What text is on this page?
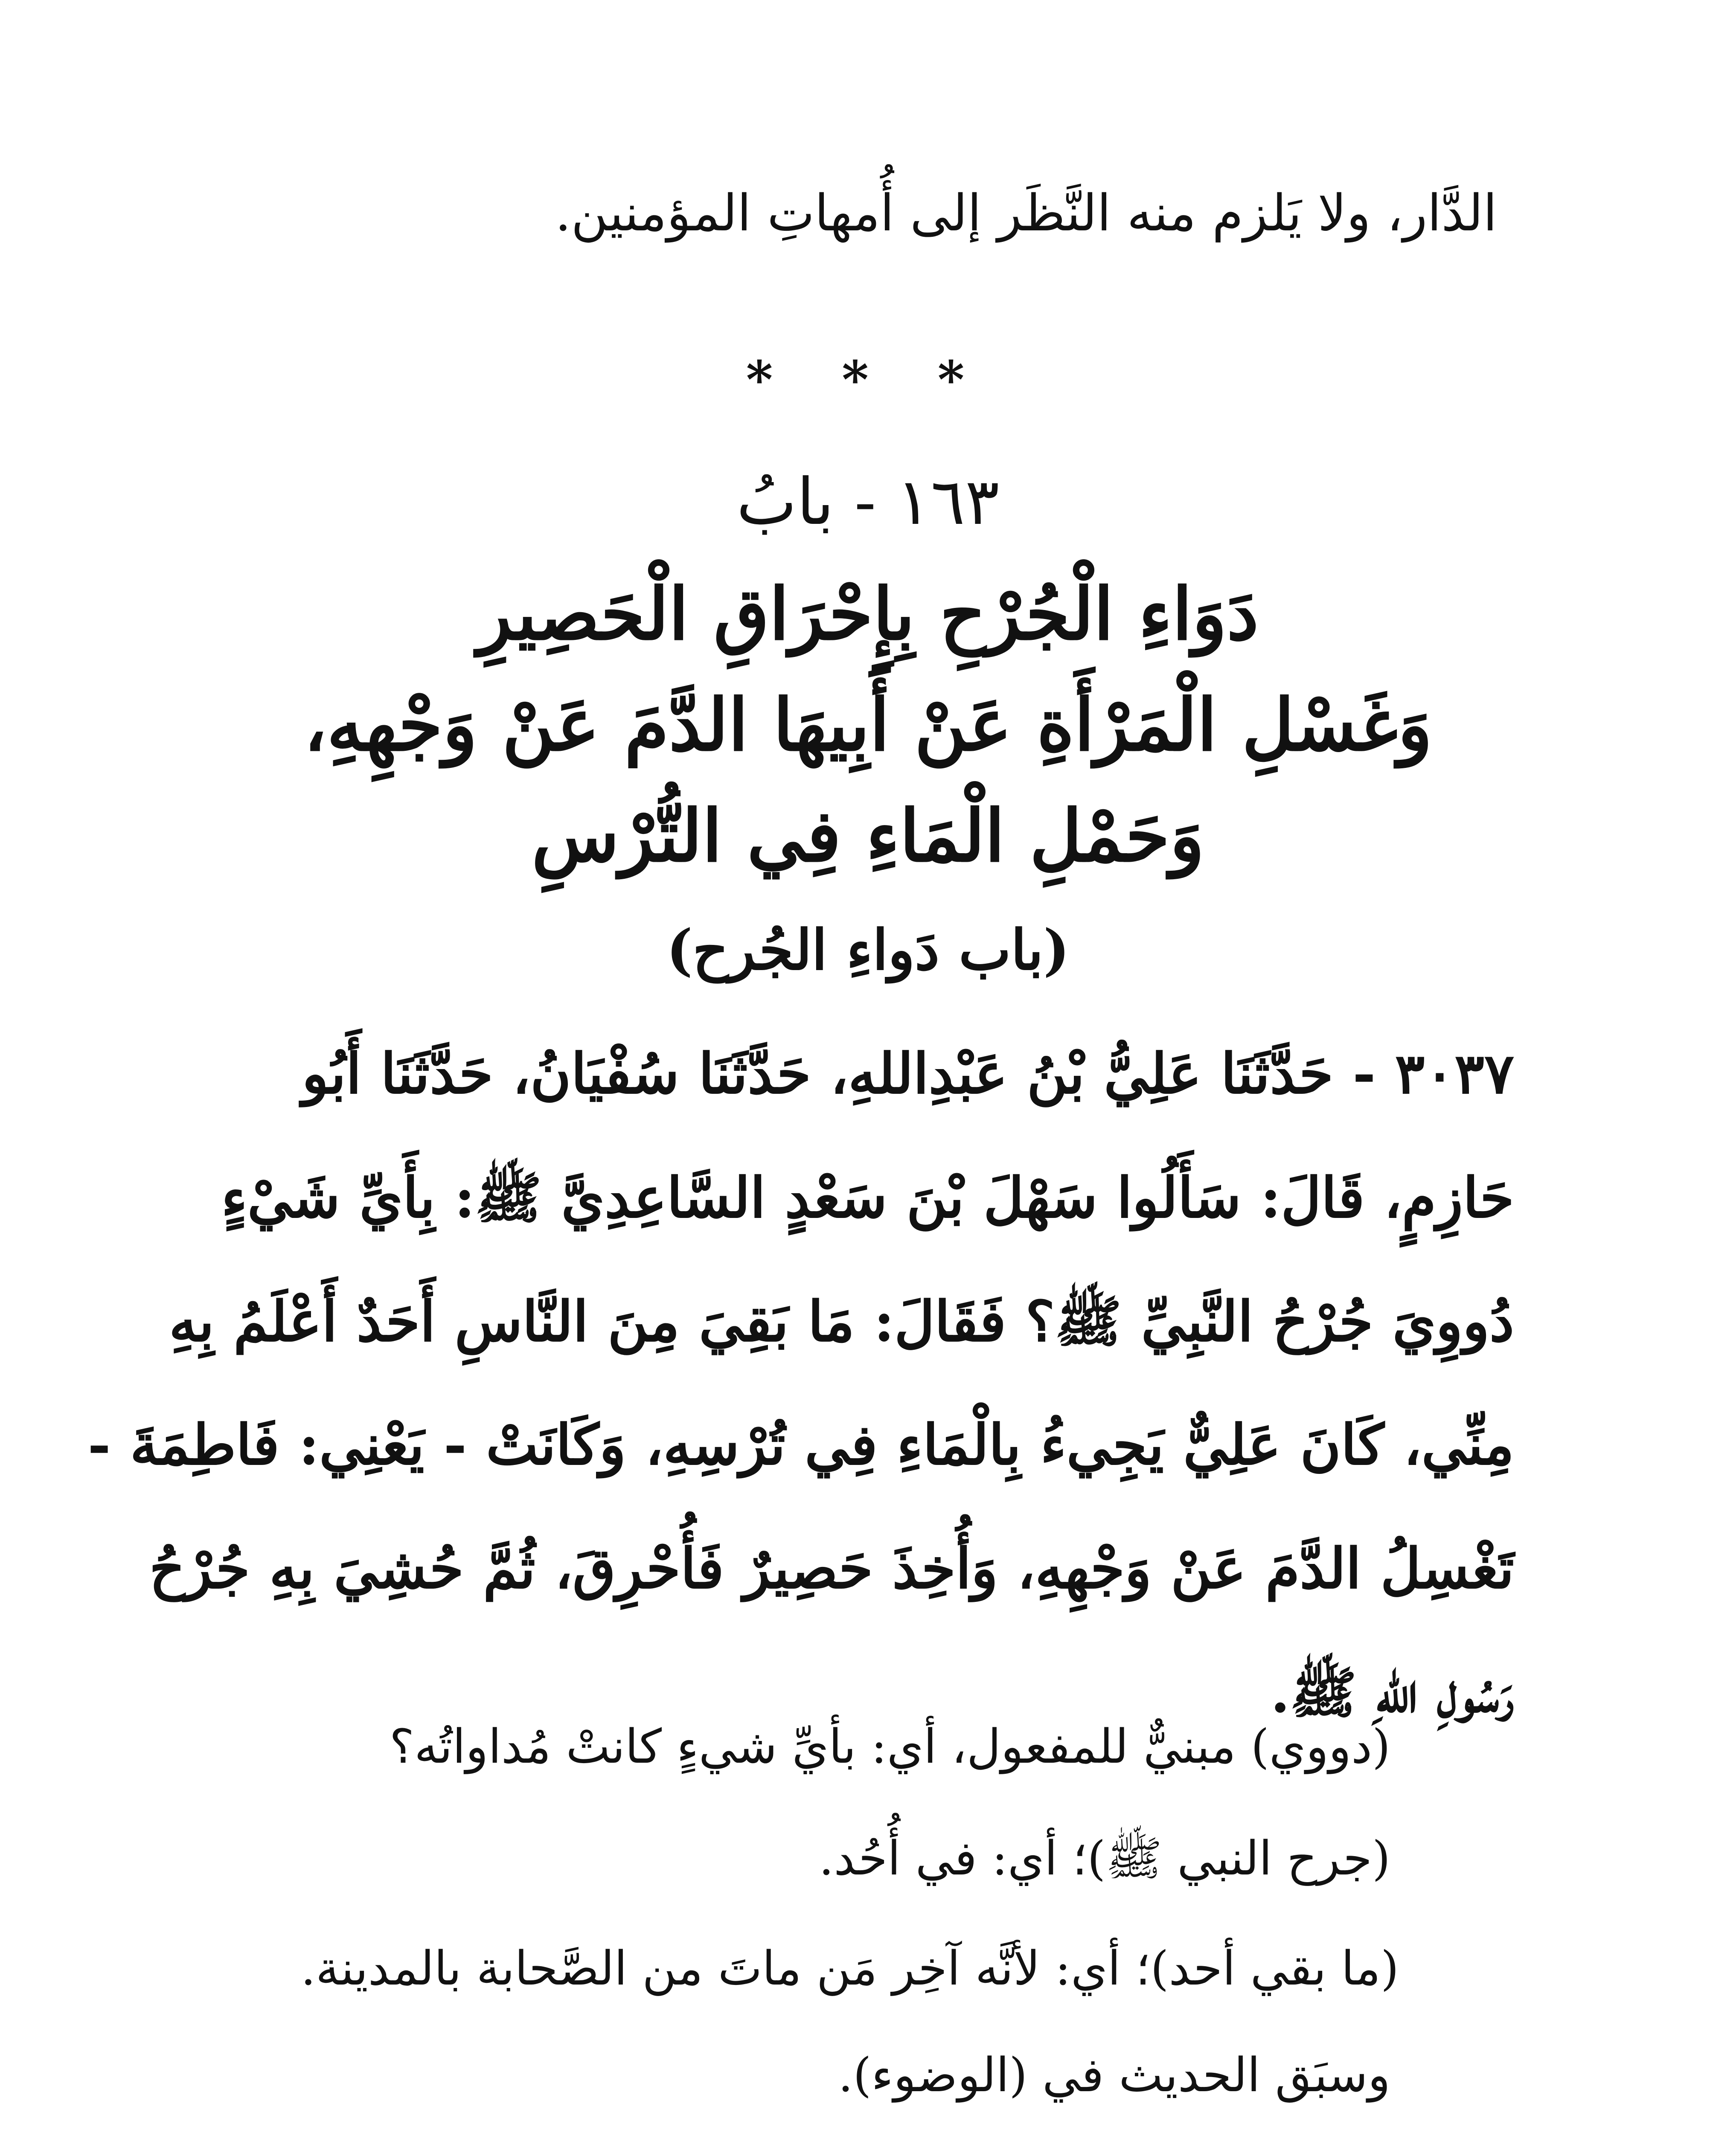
الدَّار، ولا يَلزم منه النَّظَر إلى أُمهاتِ المؤمنين.
* * *
١٦٣ - بابُ
دَوَاءِ الْجُرْحِ بِإِحْرَاقِ الْحَصِيرِ
وَغَسْلِ الْمَرْأَةِ عَنْ أَبِيهَا الدَّمَ عَنْ وَجْهِهِ،
وَحَمْلِ الْمَاءِ فِي التُّرْسِ
(باب دَواءِ الجُرح)
٣٠٣٧ - حَدَّثَنَا عَلِيُّ بْنُ عَبْدِاللهِ، حَدَّثَنَا سُفْيَانُ، حَدَّثَنَا أَبُو
حَازِمٍ، قَالَ: سَأَلُوا سَهْلَ بْنَ سَعْدٍ السَّاعِدِيَّ ﷺ: بِأَيِّ شَيْءٍ
دُووِيَ جُرْحُ النَّبِيِّ ﷺ؟ فَقَالَ: مَا بَقِيَ مِنَ النَّاسِ أَحَدٌ أَعْلَمُ بِهِ
مِنِّي، كَانَ عَلِيٌّ يَجِيءُ بِالْمَاءِ فِي تُرْسِهِ، وَكَانَتْ - يَعْنِي: فَاطِمَةَ -
تَغْسِلُ الدَّمَ عَنْ وَجْهِهِ، وَأُخِذَ حَصِيرٌ فَأُحْرِقَ، ثُمَّ حُشِيَ بِهِ جُرْحُ
رَسُولِ اللهِ ﷺ.
(دووي) مبنيٌّ للمفعول، أي: بأيِّ شيءٍ كانتْ مُداواتُه؟
(جرح النبي ﷺ)؛ أي: في أُحُد.
(ما بقي أحد)؛ أي: لأنَّه آخِر مَن ماتَ من الصَّحابة بالمدينة.
وسبَق الحديث في (الوضوء).
